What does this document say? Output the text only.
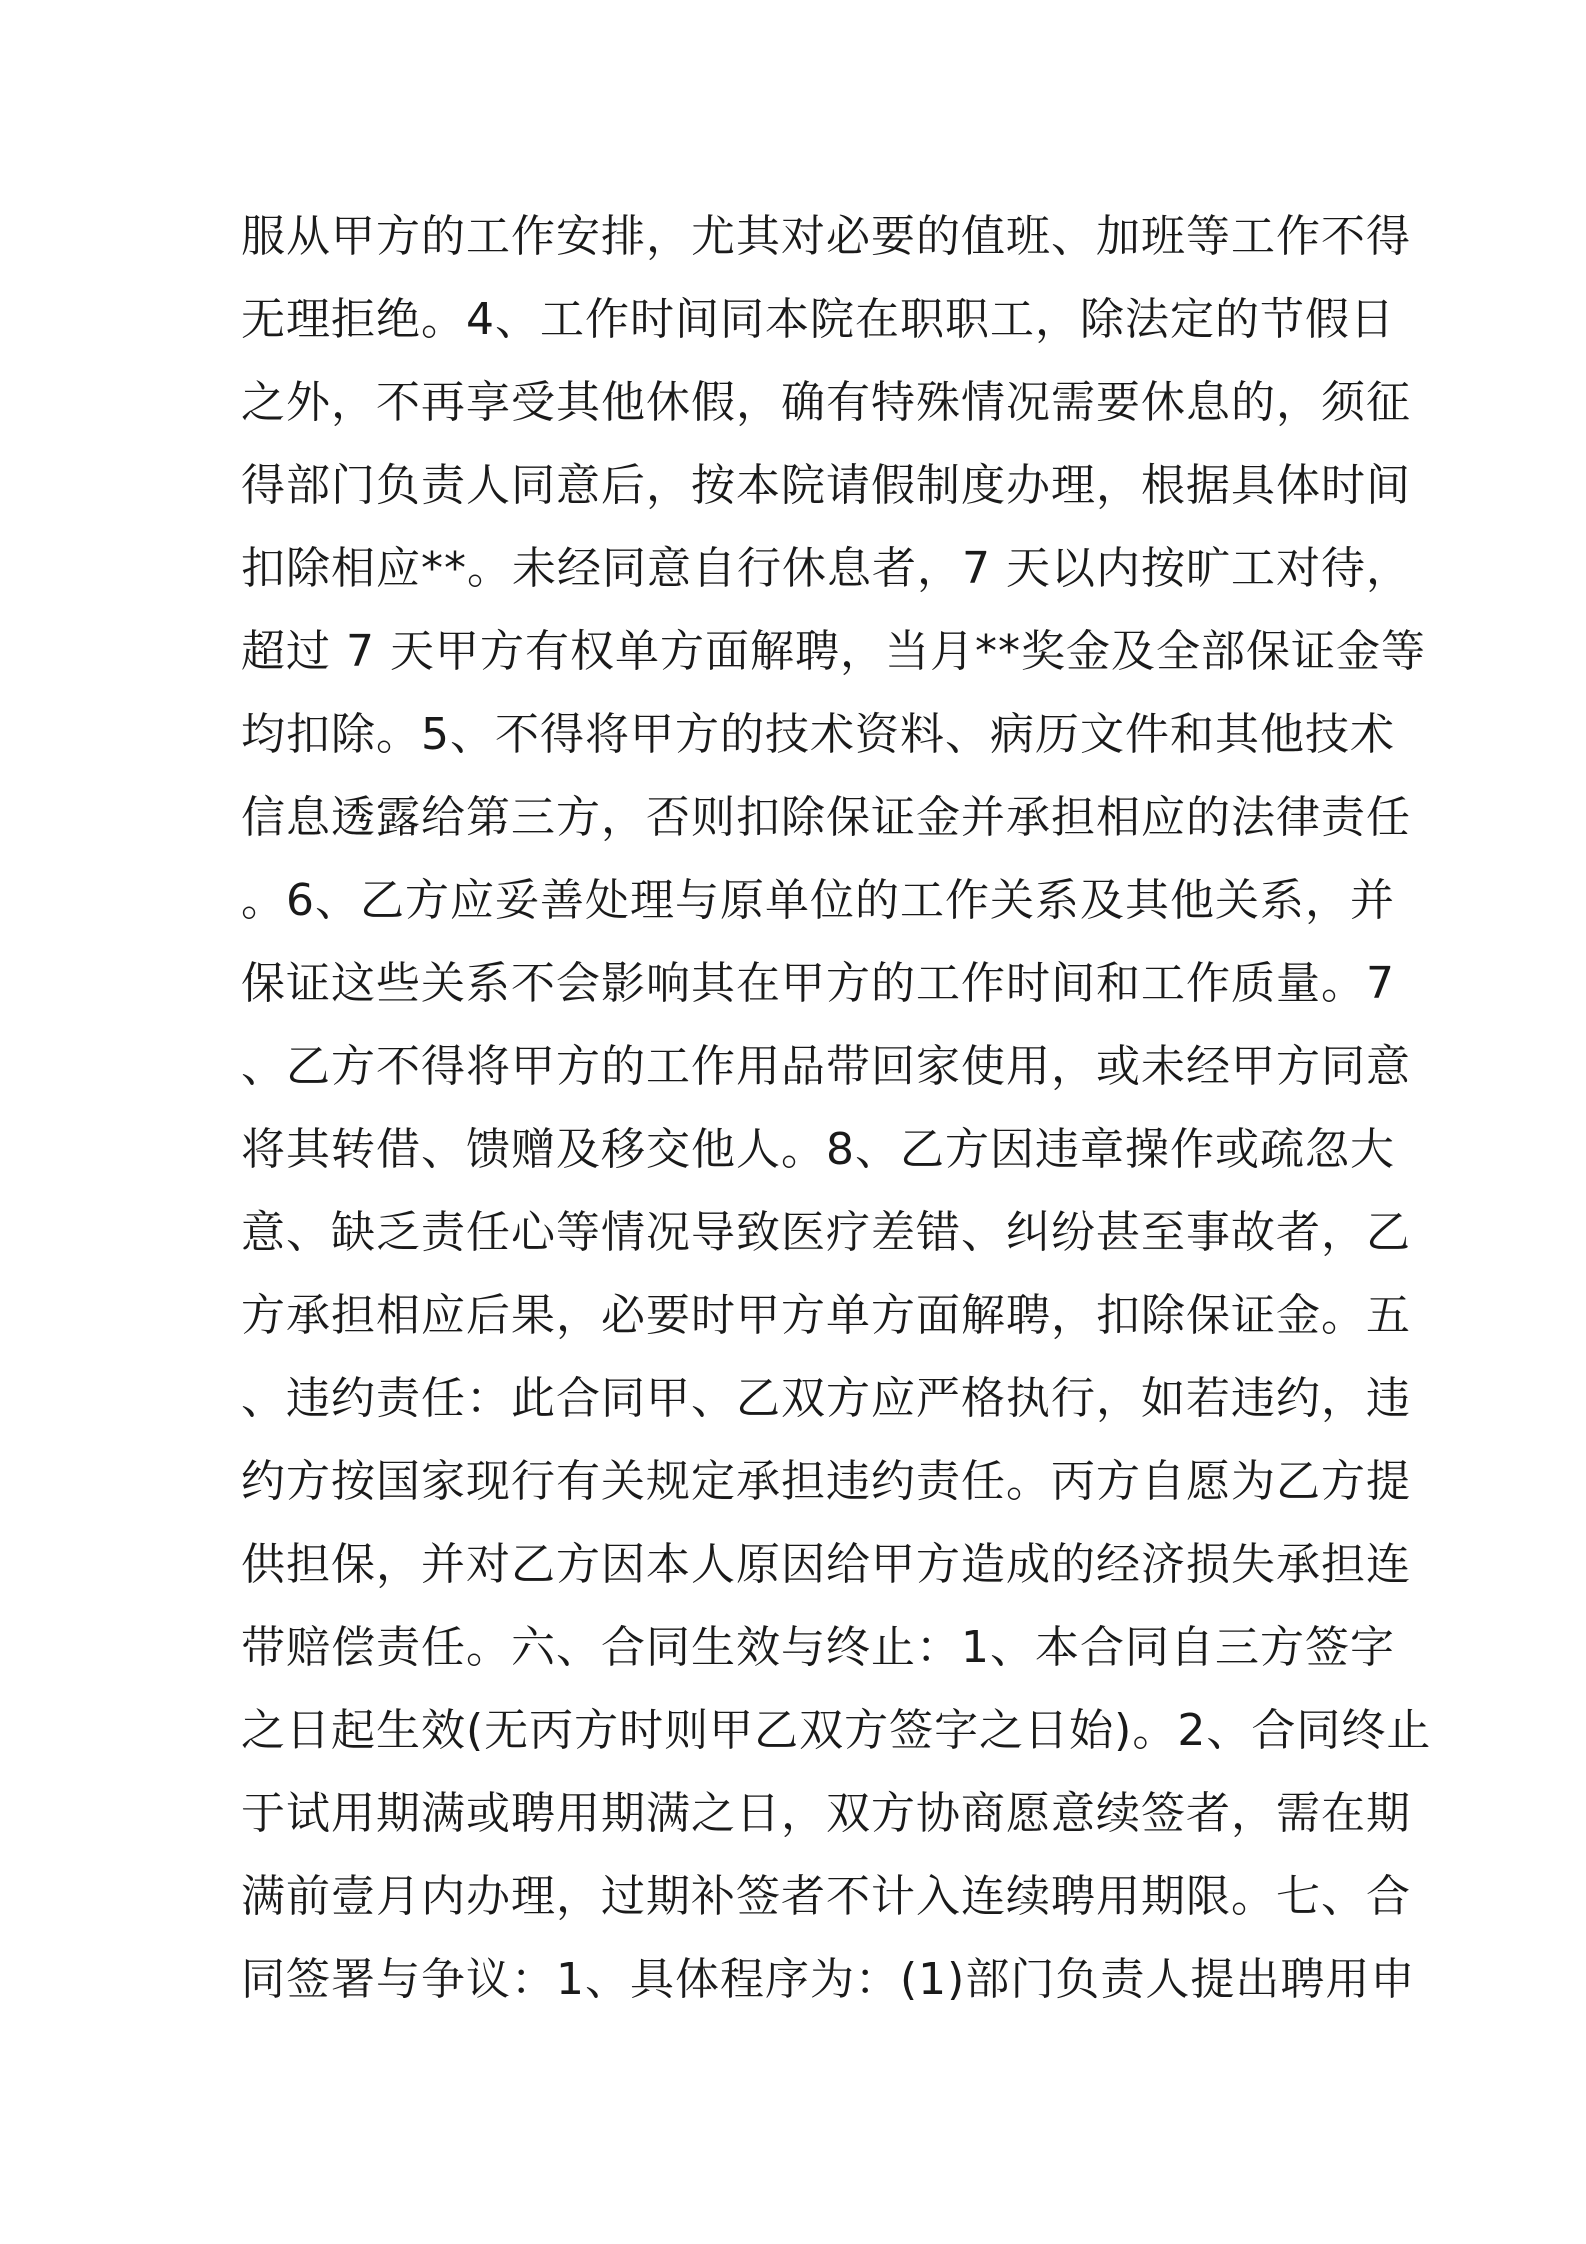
服从甲方的工作安排，尤其对必要的值班、加班等工作不得
无理拒绝。4、工作时间同本院在职职工，除法定的节假日
之外，不再享受其他休假，确有特殊情况需要休息的，须征
得部门负责人同意后，按本院请假制度办理，根据具体时间
扣除相应**。未经同意自行休息者，7 天以内按旷工对待，
超过 7 天甲方有权单方面解聘，当月**奖金及全部保证金等
均扣除。5、不得将甲方的技术资料、病历文件和其他技术
信息透露给第三方，否则扣除保证金并承担相应的法律责任
。6、乙方应妥善处理与原单位的工作关系及其他关系，并
保证这些关系不会影响其在甲方的工作时间和工作质量。7
、乙方不得将甲方的工作用品带回家使用，或未经甲方同意
将其转借、馈赠及移交他人。8、乙方因违章操作或疏忽大
意、缺乏责任心等情况导致医疗差错、纠纷甚至事故者，乙
方承担相应后果，必要时甲方单方面解聘，扣除保证金。五
、违约责任：此合同甲、乙双方应严格执行，如若违约，违
约方按国家现行有关规定承担违约责任。丙方自愿为乙方提
供担保，并对乙方因本人原因给甲方造成的经济损失承担连
带赔偿责任。六、合同生效与终止：1、本合同自三方签字
之日起生效(无丙方时则甲乙双方签字之日始)。2、合同终止
于试用期满或聘用期满之日，双方协商愿意续签者，需在期
满前壹月内办理，过期补签者不计入连续聘用期限。七、合
同签署与争议：1、具体程序为：(1)部门负责人提出聘用申
